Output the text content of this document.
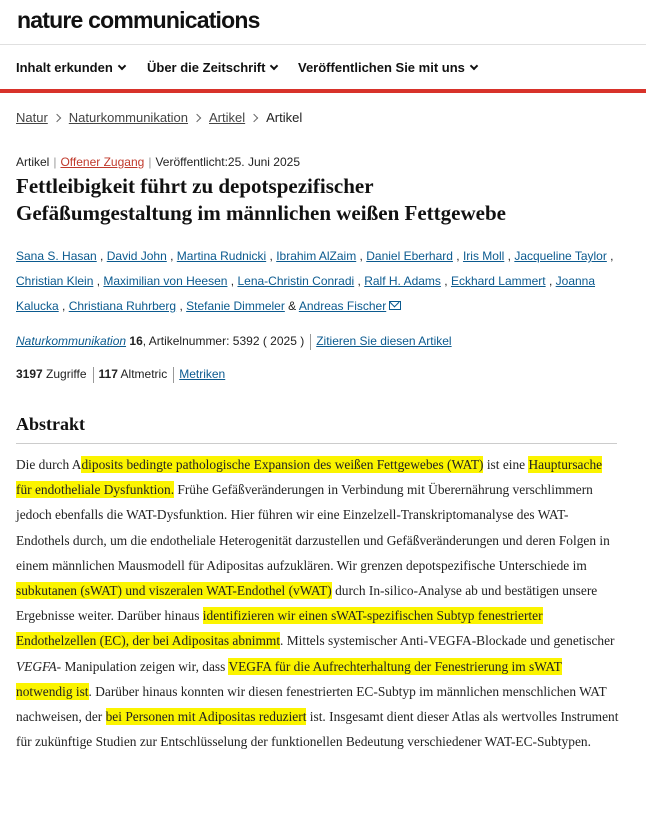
nature communications
Inhalt erkunden	Über die Zeitschrift	Veröffentlichen Sie mit uns
Natur Naturkommunikation Artikel Artikel
Artikel | Offener Zugang | Veröffentlicht:25. Juni 2025
Fettleibigkeit führt zu depotspezifischer
Gefäßumgestaltung im männlichen weißen Fettgewebe
Sana S. Hasan , David John , Martina Rudnicki , Ibrahim AlZaim , Daniel Eberhard , Iris Moll , Jacqueline Taylor , Christian Klein , Maximilian von Heesen , Lena-Christin Conradi , Ralf H. Adams , Eckhard Lammert , Joanna Kalucka , Christiana Ruhrberg , Stefanie Dimmeler & Andreas Fischer
Naturkommunikation 16, Artikelnummer: 5392 ( 2025 ) Zitieren Sie diesen Artikel
3197 Zugriffe 117 Altmetric Metriken
Abstrakt

Die durch Adiposits bedingte pathologische Expansion des weißen Fettgewebes (WAT) ist eine Hauptursache für endotheliale Dysfunktion. Frühe Gefäßveränderungen in Verbindung mit Überernährung verschlimmern jedoch ebenfalls die WAT-Dysfunktion. Hier führen wir eine Einzelzell-Transkriptomanalyse des WAT-Endothels durch, um die endotheliale Heterogenität darzustellen und Gefäßveränderungen und deren Folgen in einem männlichen Mausmodell für Adipositas aufzuklären. Wir grenzen depotspezifische Unterschiede im subkutanen (sWAT) und viszeralen WAT-Endothel (vWAT) durch In-silico-Analyse ab und bestätigen unsere Ergebnisse weiter. Darüber hinaus identifizieren wir einen sWAT-spezifischen Subtyp fenestrierter Endothelzellen (EC), der bei Adipositas abnimmt. Mittels systemischer Anti-VEGFA-Blockade und genetischer VEGFA- Manipulation zeigen wir, dass VEGFA für die Aufrechterhaltung der Fenestrierung im sWAT notwendig ist. Darüber hinaus konnten wir diesen fenestrierten EC-Subtyp im männlichen menschlichen WAT nachweisen, der bei Personen mit Adipositas reduziert ist. Insgesamt dient dieser Atlas als wertvolles Instrument für zukünftige Studien zur Entschlüsselung der funktionellen Bedeutung verschiedener WAT-EC-Subtypen.
